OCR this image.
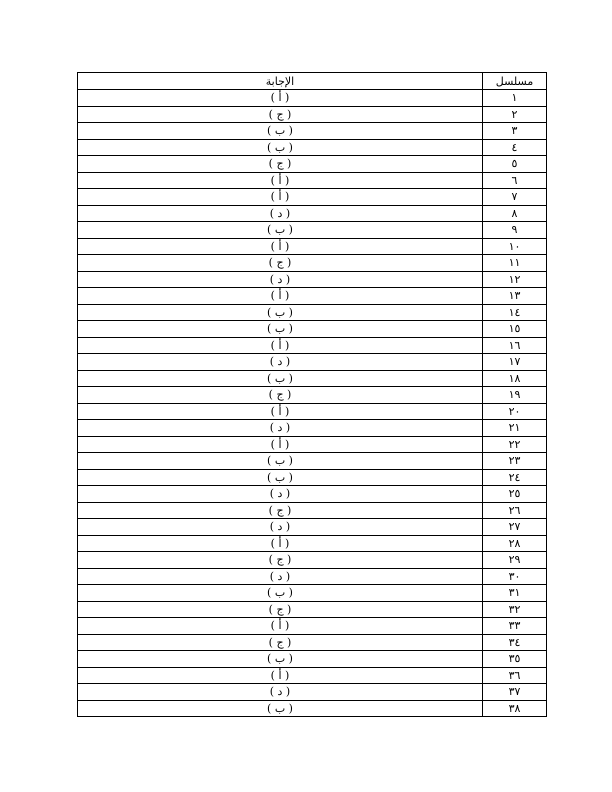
الإجابة	مسلسل
( أ )	١
( ج )	٢
( ب )	٣
( ب )	٤
( ج )	٥
( أ )	٦
( أ )	٧
( د )	٨
( ب )	٩
( أ )	١٠
( ج )	١١
( د )	١٢
( أ )	١٣
( ب )	١٤
( ب )	١٥
( أ )	١٦
( د )	١٧
( ب )	١٨
( ج )	١٩
( أ )	٢٠
( د )	٢١
( أ )	٢٢
( ب )	٢٣
( ب )	٢٤
( د )	٢٥
( ج )	٢٦
( د )	٢٧
( أ )	٢٨
( ج )	٢٩
( د )	٣٠
( ب )	٣١
( ج )	٣٢
( أ )	٣٣
( ج )	٣٤
( ب )	٣٥
( أ )	٣٦
( د )	٣٧
( ب )	٣٨
